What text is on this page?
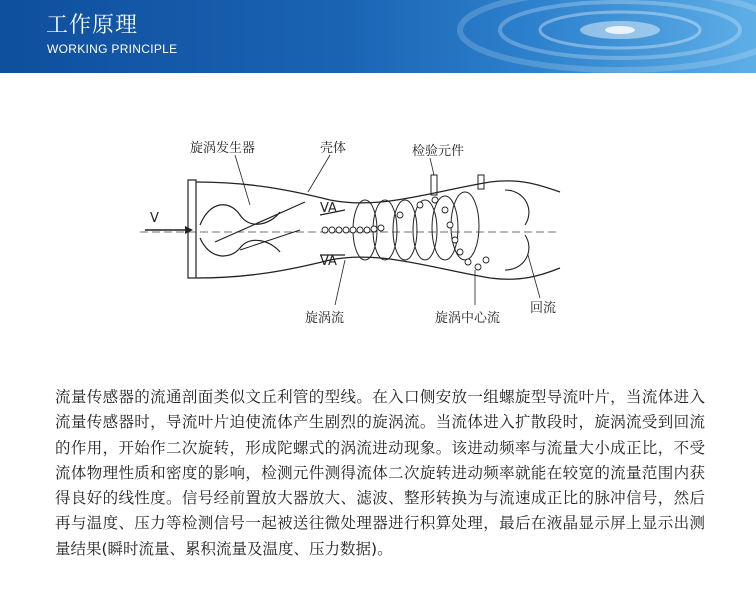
工作原理
WORKING PRINCIPLE
旋涡发生器	壳体	检验元件
V
VA
VA
旋涡流	旋涡中心流
回流
流量传感器的流通剖面类似文丘利管的型线。在入口侧安放一组螺旋型导流叶片，当流体进入流量传感器时，导流叶片迫使流体产生剧烈的旋涡流。当流体进入扩散段时，旋涡流受到回流的作用，开始作二次旋转，形成陀螺式的涡流进动现象。该进动频率与流量大小成正比，不受流体物理性质和密度的影响，检测元件测得流体二次旋转进动频率就能在较宽的流量范围内获得良好的线性度。信号经前置放大器放大、滤波、整形转换为与流速成正比的脉冲信号，然后再与温度、压力等检测信号一起被送往微处理器进行积算处理，最后在液晶显示屏上显示出测量结果(瞬时流量、累积流量及温度、压力数据)。
